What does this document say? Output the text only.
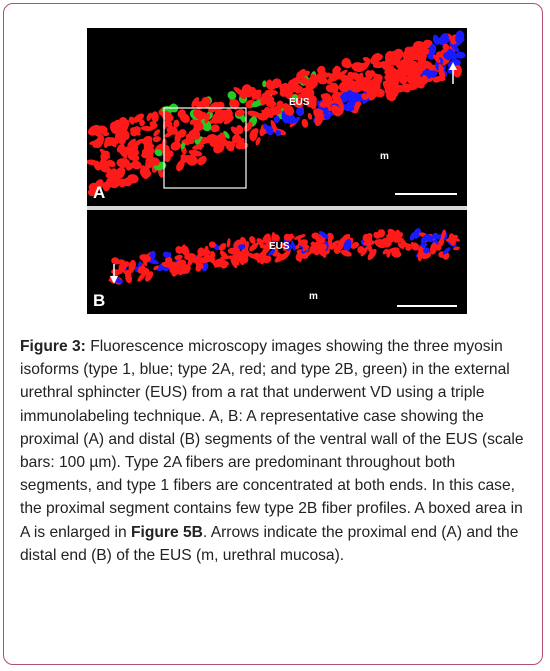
A
EUS
m
B
EUS
m
Figure 3: Fluorescence microscopy images showing the three myosin isoforms (type 1, blue; type 2A, red; and type 2B, green) in the external urethral sphincter (EUS) from a rat that underwent VD using a triple immunolabeling technique. A, B: A representative case showing the proximal (A) and distal (B) segments of the ventral wall of the EUS (scale bars: 100 µm). Type 2A fibers are predominant throughout both segments, and type 1 fibers are concentrated at both ends. In this case, the proximal segment contains few type 2B fiber profiles. A boxed area in A is enlarged in Figure 5B. Arrows indicate the proximal end (A) and the distal end (B) of the EUS (m, urethral mucosa).
